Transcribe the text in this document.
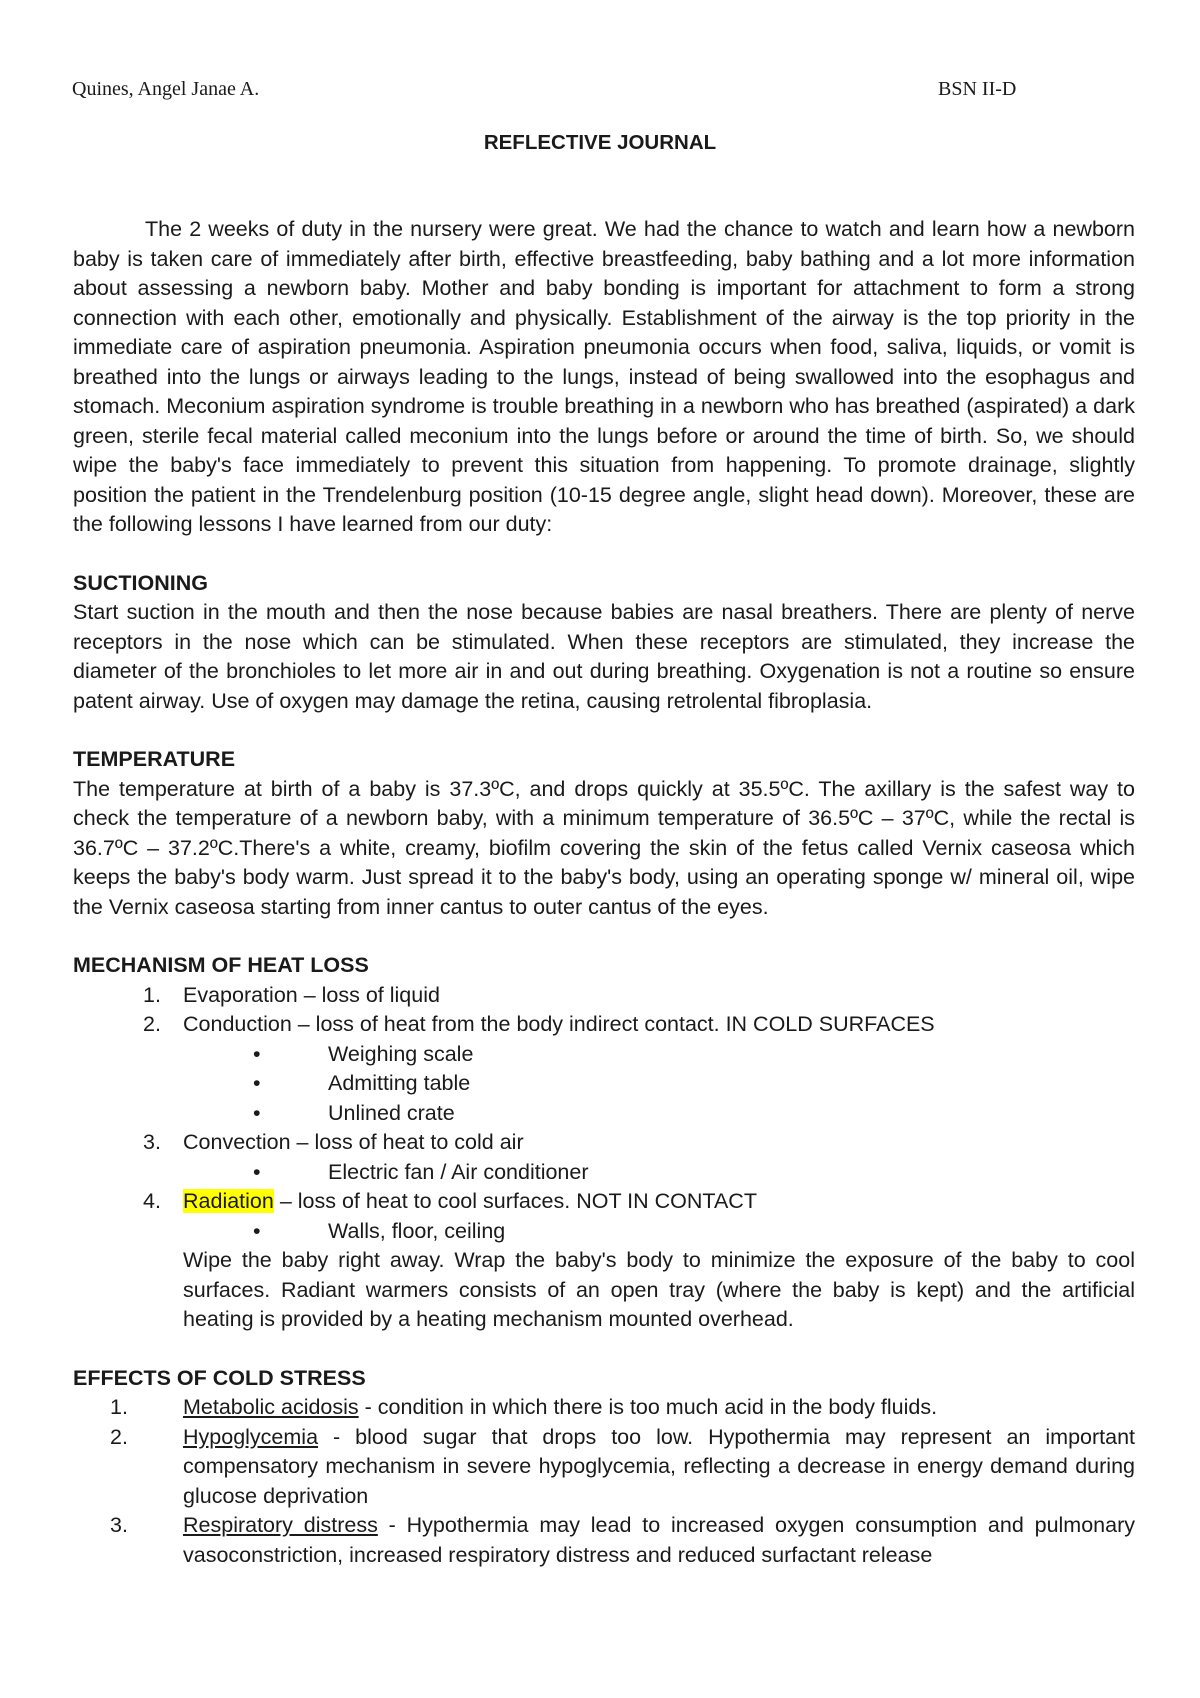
Quines, Angel Janae A.	BSN II-D
REFLECTIVE JOURNAL

The 2 weeks of duty in the nursery were great. We had the chance to watch and learn how a newborn baby is taken care of immediately after birth, effective breastfeeding, baby bathing and a lot more information about assessing a newborn baby. Mother and baby bonding is important for attachment to form a strong connection with each other, emotionally and physically. Establishment of the airway is the top priority in the immediate care of aspiration pneumonia. Aspiration pneumonia occurs when food, saliva, liquids, or vomit is breathed into the lungs or airways leading to the lungs, instead of being swallowed into the esophagus and stomach. Meconium aspiration syndrome is trouble breathing in a newborn who has breathed (aspirated) a dark green, sterile fecal material called meconium into the lungs before or around the time of birth. So, we should wipe the baby's face immediately to prevent this situation from happening. To promote drainage, slightly position the patient in the Trendelenburg position (10-15 degree angle, slight head down). Moreover, these are the following lessons I have learned from our duty:

SUCTIONING

Start suction in the mouth and then the nose because babies are nasal breathers. There are plenty of nerve receptors in the nose which can be stimulated. When these receptors are stimulated, they increase the diameter of the bronchioles to let more air in and out during breathing. Oxygenation is not a routine so ensure patent airway. Use of oxygen may damage the retina, causing retrolental fibroplasia.

TEMPERATURE

The temperature at birth of a baby is 37.3ºC, and drops quickly at 35.5ºC. The axillary is the safest way to check the temperature of a newborn baby, with a minimum temperature of 36.5ºC – 37ºC, while the rectal is 36.7ºC – 37.2ºC.There's a white, creamy, biofilm covering the skin of the fetus called Vernix caseosa which keeps the baby's body warm. Just spread it to the baby's body, using an operating sponge w/ mineral oil, wipe the Vernix caseosa starting from inner cantus to outer cantus of the eyes.

MECHANISM OF HEAT LOSS

1. Evaporation – loss of liquid
2. Conduction – loss of heat from the body indirect contact. IN COLD SURFACES
•	Weighing scale
•	Admitting table
•	Unlined crate
3. Convection – loss of heat to cold air
•	Electric fan / Air conditioner
4. Radiation – loss of heat to cool surfaces. NOT IN CONTACT
•	Walls, floor, ceiling

Wipe the baby right away. Wrap the baby's body to minimize the exposure of the baby to cool surfaces. Radiant warmers consists of an open tray (where the baby is kept) and the artificial heating is provided by a heating mechanism mounted overhead.

EFFECTS OF COLD STRESS

1.	Metabolic acidosis - condition in which there is too much acid in the body fluids.

2.	Hypoglycemia - blood sugar that drops too low. Hypothermia may represent an important compensatory mechanism in severe hypoglycemia, reflecting a decrease in energy demand during glucose deprivation

3.	Respiratory distress - Hypothermia may lead to increased oxygen consumption and pulmonary vasoconstriction, increased respiratory distress and reduced surfactant release
